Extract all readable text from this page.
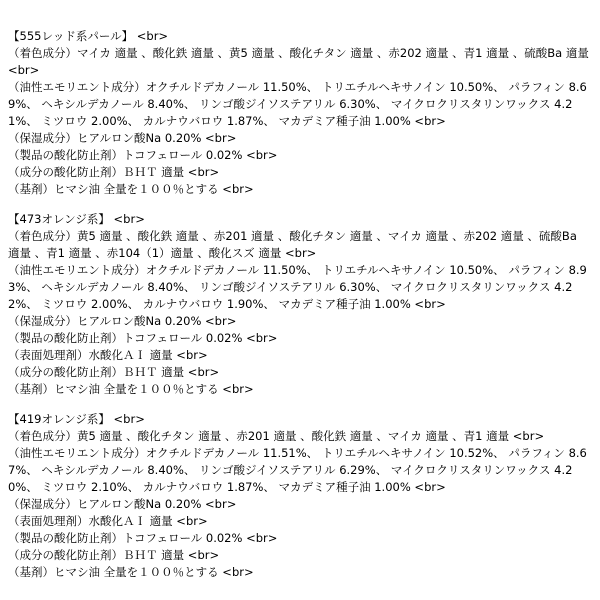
【555レッド系パール】 <br>
（着色成分）マイカ 適量 、酸化鉄 適量 、黄5 適量 、酸化チタン 適量 、赤202 適量 、青1 適量 、硫酸Ba 適量 <br>
（油性エモリエント成分）オクチルドデカノール 11.50%、 トリエチルヘキサノイン 10.50%、 パラフィン 8.69%、 ヘキシルデカノール 8.40%、 リンゴ酸ジイソステアリル 6.30%、 マイクロクリスタリンワックス 4.21%、 ミツロウ 2.00%、 カルナウバロウ 1.87%、 マカデミア種子油 1.00% <br>
（保湿成分）ヒアルロン酸Na 0.20% <br>
（製品の酸化防止剤）トコフェロール 0.02% <br>
（成分の酸化防止剤）ＢＨＴ 適量 <br>
（基剤）ヒマシ油 全量を１００％とする <br>
【473オレンジ系】 <br>
（着色成分）黄5 適量 、酸化鉄 適量 、赤201 適量 、酸化チタン 適量 、マイカ 適量 、赤202 適量 、硫酸Ba 適量 、青1 適量 、赤104（1）適量 、酸化スズ 適量 <br>
（油性エモリエント成分）オクチルドデカノール 11.50%、 トリエチルヘキサノイン 10.50%、 パラフィン 8.93%、 ヘキシルデカノール 8.40%、 リンゴ酸ジイソステアリル 6.30%、 マイクロクリスタリンワックス 4.22%、 ミツロウ 2.00%、 カルナウバロウ 1.90%、 マカデミア種子油 1.00% <br>
（保湿成分）ヒアルロン酸Na 0.20% <br>
（製品の酸化防止剤）トコフェロール 0.02% <br>
（表面処理剤）水酸化ＡＩ 適量 <br>
（成分の酸化防止剤）ＢＨＴ 適量 <br>
（基剤）ヒマシ油 全量を１００％とする <br>
【419オレンジ系】 <br>
（着色成分）黄5 適量 、酸化チタン 適量 、赤201 適量 、酸化鉄 適量 、マイカ 適量 、青1 適量 <br>
（油性エモリエント成分）オクチルドデカノール 11.51%、 トリエチルヘキサノイン 10.52%、 パラフィン 8.67%、 ヘキシルデカノール 8.40%、 リンゴ酸ジイソステアリル 6.29%、 マイクロクリスタリンワックス 4.20%、 ミツロウ 2.10%、 カルナウバロウ 1.87%、 マカデミア種子油 1.00% <br>
（保湿成分）ヒアルロン酸Na 0.20% <br>
（表面処理剤）水酸化ＡＩ 適量 <br>
（製品の酸化防止剤）トコフェロール 0.02% <br>
（成分の酸化防止剤）ＢＨＴ 適量 <br>
（基剤）ヒマシ油 全量を１００％とする <br>
